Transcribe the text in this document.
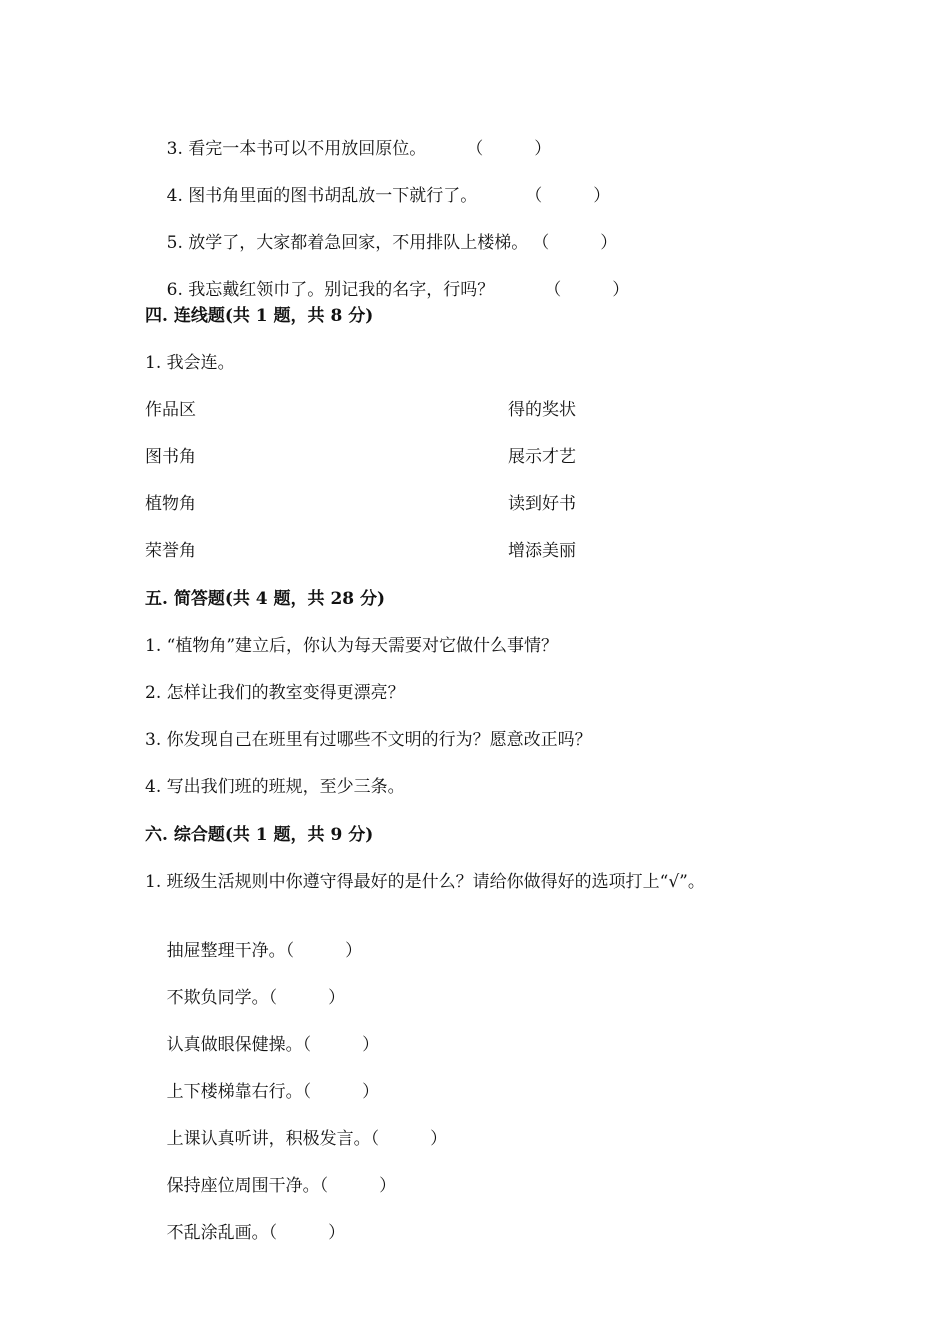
3. 看完一本书可以不用放回原位。 （　　　）

4. 图书角里面的图书胡乱放一下就行了。	（　　　）

5. 放学了，大家都着急回家，不用排队上楼梯。 （　　　）

6. 我忘戴红领巾了。别记我的名字，行吗？	（　　　）

四. 连线题(共 1 题，共 8 分)
1. 我会连。
作品区	得的奖状
图书角	展示才艺
植物角	读到好书
荣誉角	增添美丽
五. 简答题(共 4 题，共 28 分)
1. “植物角”建立后，你认为每天需要对它做什么事情？
2. 怎样让我们的教室变得更漂亮？
3. 你发现自己在班里有过哪些不文明的行为？愿意改正吗？
4. 写出我们班的班规，至少三条。
六. 综合题(共 1 题，共 9 分)
1. 班级生活规则中你遵守得最好的是什么？请给你做得好的选项打上“√”。

抽屉整理干净。（　　　）

不欺负同学。（　　　）

认真做眼保健操。（　　　）

上下楼梯靠右行。（　　　）

上课认真听讲，积极发言。（　　　）

保持座位周围干净。（　　　）

不乱涂乱画。（　　　）
